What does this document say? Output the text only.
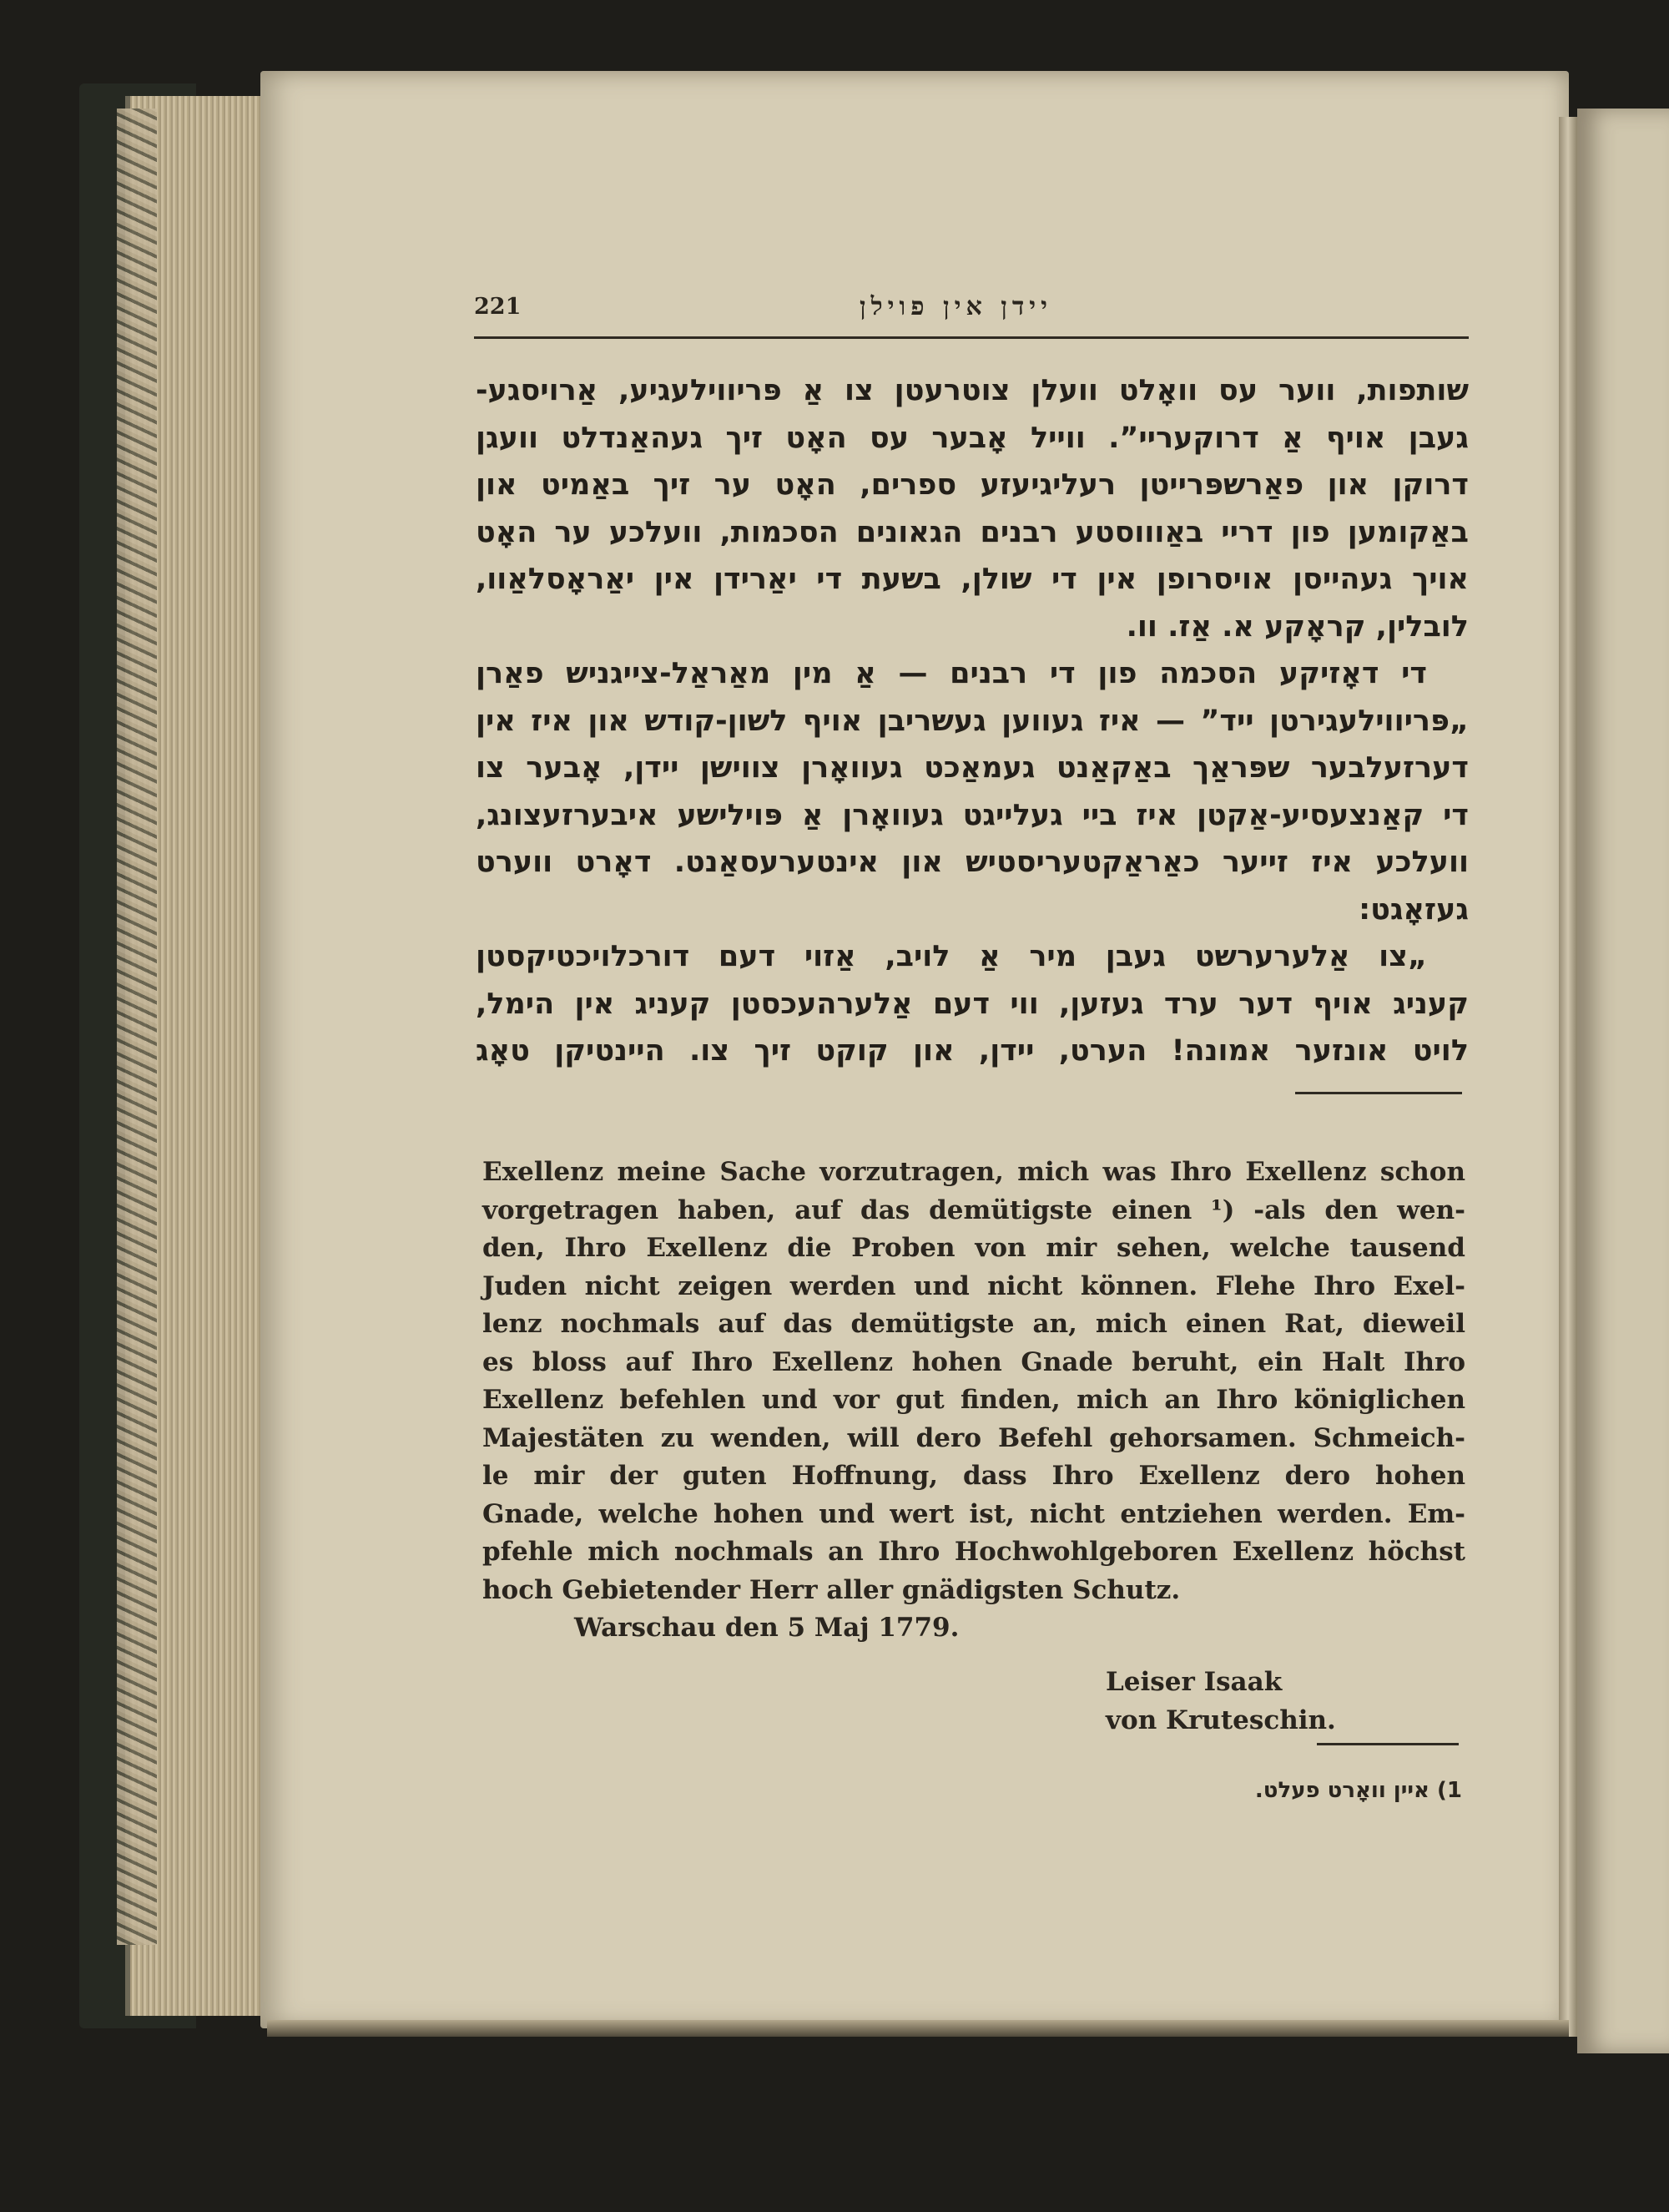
221	יידן אין פוילן

שותפות, ווער עס וואָלט וועלן צוטרעטן צו אַ פּריווילעגיע, אַרויסגע-
געבן אויף אַ דרוקעריי”. ווייל אָבער עס האָט זיך געהאַנדלט וועגן
דרוקן און פאַרשפּרייטן רעליגיעזע ספרים, האָט ער זיך באַמיט און
באַקומען פון דריי באַוווסטע רבנים הגאונים הסכמות, וועלכע ער האָט
אויך געהייסן אויסרופן אין די שולן, בשעת די יאַרידן אין יאַראָסלאַוו,
לובלין, קראָקע א. אַז. וו.

די דאָזיקע הסכמה פון די רבנים — אַ מין מאַראַל-צייגניש פאַרן
„פּריווילעגירטן ייד” — איז געווען געשריבן אויף לשון-קודש און איז אין
דערזעלבער שפּראַך באַקאַנט געמאַכט געוואָרן צווישן יידן, אָבער צו
די קאַנצעסיע-אַקטן איז ביי געלייגט געוואָרן אַ פּוילישע איבערזעצונג,
וועלכע איז זייער כאַראַקטעריסטיש און אינטערעסאַנט. דאָרט ווערט
געזאָגט:

„צו אַלערערשט געבן מיר אַ לויב, אַזוי דעם דורכלויכטיקסטן
קעניג אויף דער ערד געזען, ווי דעם אַלערהעכסטן קעניג אין הימל,
לויט אונזער אמונה! הערט, יידן, און קוקט זיך צו. היינטיקן טאָג

Exellenz meine Sache vorzutragen, mich was Ihro Exellenz schon
vorgetragen haben, auf das demütigste einen ¹) -als den wen-
den, Ihro Exellenz die Proben von mir sehen, welche tausend
Juden nicht zeigen werden und nicht können. Flehe Ihro Exel-
lenz nochmals auf das demütigste an, mich einen Rat, dieweil
es bloss auf Ihro Exellenz hohen Gnade beruht, ein Halt Ihro
Exellenz befehlen und vor gut finden, mich an Ihro königlichen
Majestäten zu wenden, will dero Befehl gehorsamen. Schmeich-
le mir der guten Hoffnung, dass Ihro Exellenz dero hohen
Gnade, welche hohen und wert ist, nicht entziehen werden. Em-
pfehle mich nochmals an Ihro Hochwohlgeboren Exellenz höchst
hoch Gebietender Herr aller gnädigsten Schutz.
Warschau den 5 Maj 1779.
Leiser Isaak
von Kruteschin.
1) איין וואָרט פעלט.
